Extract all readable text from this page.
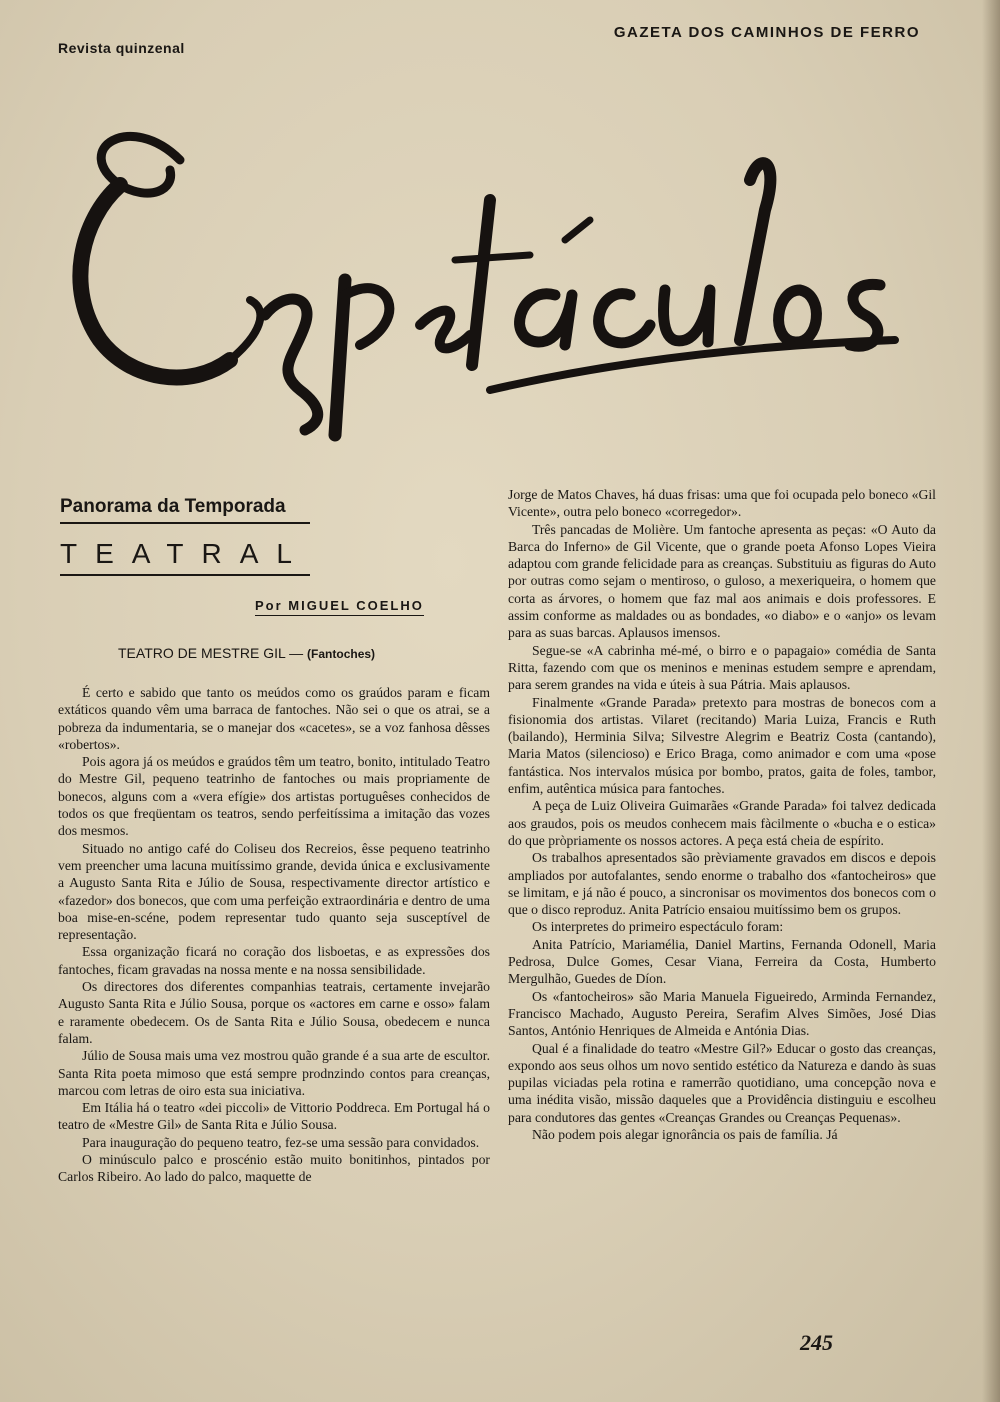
Revista quinzenal
GAZETA DOS CAMINHOS DE FERRO
Panorama da Temporada
TEATRAL
Por MIGUEL COELHO
TEATRO DE MESTRE GIL — (Fantoches)

É certo e sabido que tanto os meúdos como os graúdos param e ficam extáticos quando vêm uma barraca de fantoches. Não sei o que os atrai, se a pobreza da indumentaria, se o manejar dos «cacetes», se a voz fanhosa dêsses «robertos».

Pois agora já os meúdos e graúdos têm um teatro, bonito, intitulado Teatro do Mestre Gil, pequeno teatrinho de fantoches ou mais propriamente de bonecos, alguns com a «vera efígie» dos artistas portuguêses conhecidos de todos os que freqüentam os teatros, sendo perfeitíssima a imitação das vozes dos mesmos.

Situado no antigo café do Coliseu dos Recreios, êsse pequeno teatrinho vem preencher uma lacuna muitíssimo grande, devida única e exclusivamente a Augusto Santa Rita e Júlio de Sousa, respectivamente director artístico e «fazedor» dos bonecos, que com uma perfeição extraordinária e dentro de uma boa mise-en-scéne, podem representar tudo quanto seja susceptível de representação.

Essa organização ficará no coração dos lisboetas, e as expressões dos fantoches, ficam gravadas na nossa mente e na nossa sensibilidade.

Os directores dos diferentes companhias teatrais, certamente invejarão Augusto Santa Rita e Júlio Sousa, porque os «actores em carne e osso» falam e raramente obedecem. Os de Santa Rita e Júlio Sousa, obedecem e nunca falam.

Júlio de Sousa mais uma vez mostrou quão grande é a sua arte de escultor. Santa Rita poeta mimoso que está sempre prodnzindo contos para creanças, marcou com letras de oiro esta sua iniciativa.

Em Itália há o teatro «dei piccoli» de Vittorio Poddreca. Em Portugal há o teatro de «Mestre Gil» de Santa Rita e Júlio Sousa.

Para inauguração do pequeno teatro, fez-se uma sessão para convidados.

O minúsculo palco e proscénio estão muito bonitinhos, pintados por Carlos Ribeiro. Ao lado do palco, maquette de

Jorge de Matos Chaves, há duas frisas: uma que foi ocupada pelo boneco «Gil Vicente», outra pelo boneco «corregedor».

Três pancadas de Molière. Um fantoche apresenta as peças: «O Auto da Barca do Inferno» de Gil Vicente, que o grande poeta Afonso Lopes Vieira adaptou com grande felicidade para as creanças. Substituiu as figuras do Auto por outras como sejam o mentiroso, o guloso, a mexeriqueira, o homem que corta as árvores, o homem que faz mal aos animais e dois professores. E assim conforme as maldades ou as bondades, «o diabo» e o «anjo» os levam para as suas barcas. Aplausos imensos.

Segue-se «A cabrinha mé-mé, o birro e o papagaio» comédia de Santa Ritta, fazendo com que os meninos e meninas estudem sempre e aprendam, para serem grandes na vida e úteis à sua Pátria. Mais aplausos.

Finalmente «Grande Parada» pretexto para mostras de bonecos com a fisionomia dos artistas. Vilaret (recitando) Maria Luiza, Francis e Ruth (bailando), Herminia Silva; Silvestre Alegrim e Beatriz Costa (cantando), Maria Matos (silencioso) e Erico Braga, como animador e com uma «pose fantástica. Nos intervalos música por bombo, pratos, gaita de foles, tambor, enfim, autêntica música para fantoches.

A peça de Luiz Oliveira Guimarães «Grande Parada» foi talvez dedicada aos graudos, pois os meudos conhecem mais fàcilmente o «bucha e o estica» do que pròpriamente os nossos actores. A peça está cheia de espírito.

Os trabalhos apresentados são prèviamente gravados em discos e depois ampliados por autofalantes, sendo enorme o trabalho dos «fantocheiros» que se limitam, e já não é pouco, a sincronisar os movimentos dos bonecos com o que o disco reproduz. Anita Patrício ensaiou muitíssimo bem os grupos.

Os interpretes do primeiro espectáculo foram:

Anita Patrício, Mariamélia, Daniel Martins, Fernanda Odonell, Maria Pedrosa, Dulce Gomes, Cesar Viana, Ferreira da Costa, Humberto Mergulhão, Guedes de Díon.

Os «fantocheiros» são Maria Manuela Figueiredo, Arminda Fernandez, Francisco Machado, Augusto Pereira, Serafim Alves Simões, José Dias Santos, António Henriques de Almeida e Antónia Dias.

Qual é a finalidade do teatro «Mestre Gil?» Educar o gosto das creanças, expondo aos seus olhos um novo sentido estético da Natureza e dando às suas pupilas viciadas pela rotina e ramerrão quotidiano, uma concepção nova e uma inédita visão, missão daqueles que a Providência distinguiu e escolheu para condutores das gentes «Creanças Grandes ou Creanças Pequenas».

Não podem pois alegar ignorância os pais de família. Já

245
